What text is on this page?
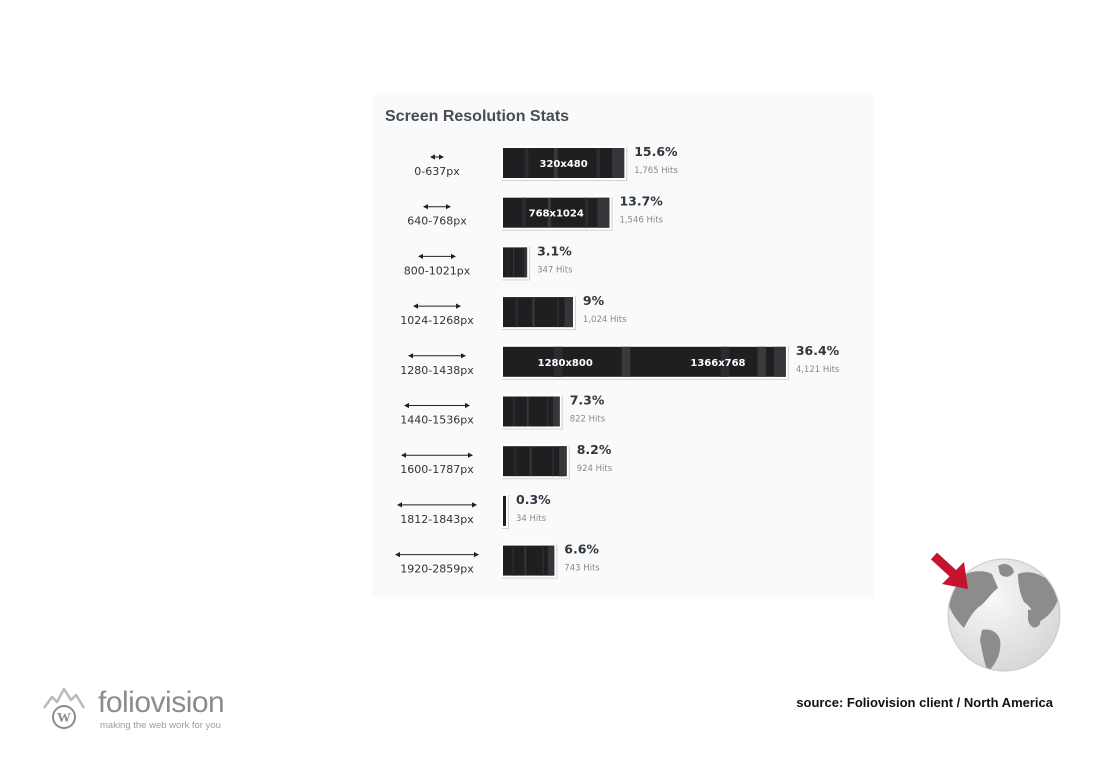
0-637px
320x480
15.6%
1,765 Hits
640-768px
768x1024
13.7%
1,546 Hits
800-1021px
3.1%
347 Hits
1024-1268px
9%
1,024 Hits
1280-1438px
1280x800	1366x768
36.4%
4,121 Hits
1440-1536px
7.3%
822 Hits
1600-1787px
8.2%
924 Hits
1812-1843px
0.3%
34 Hits
1920-2859px
6.6%
743 Hits
Screen Resolution Stats
W foliovision
making the web work for you
source: Foliovision client / North America
